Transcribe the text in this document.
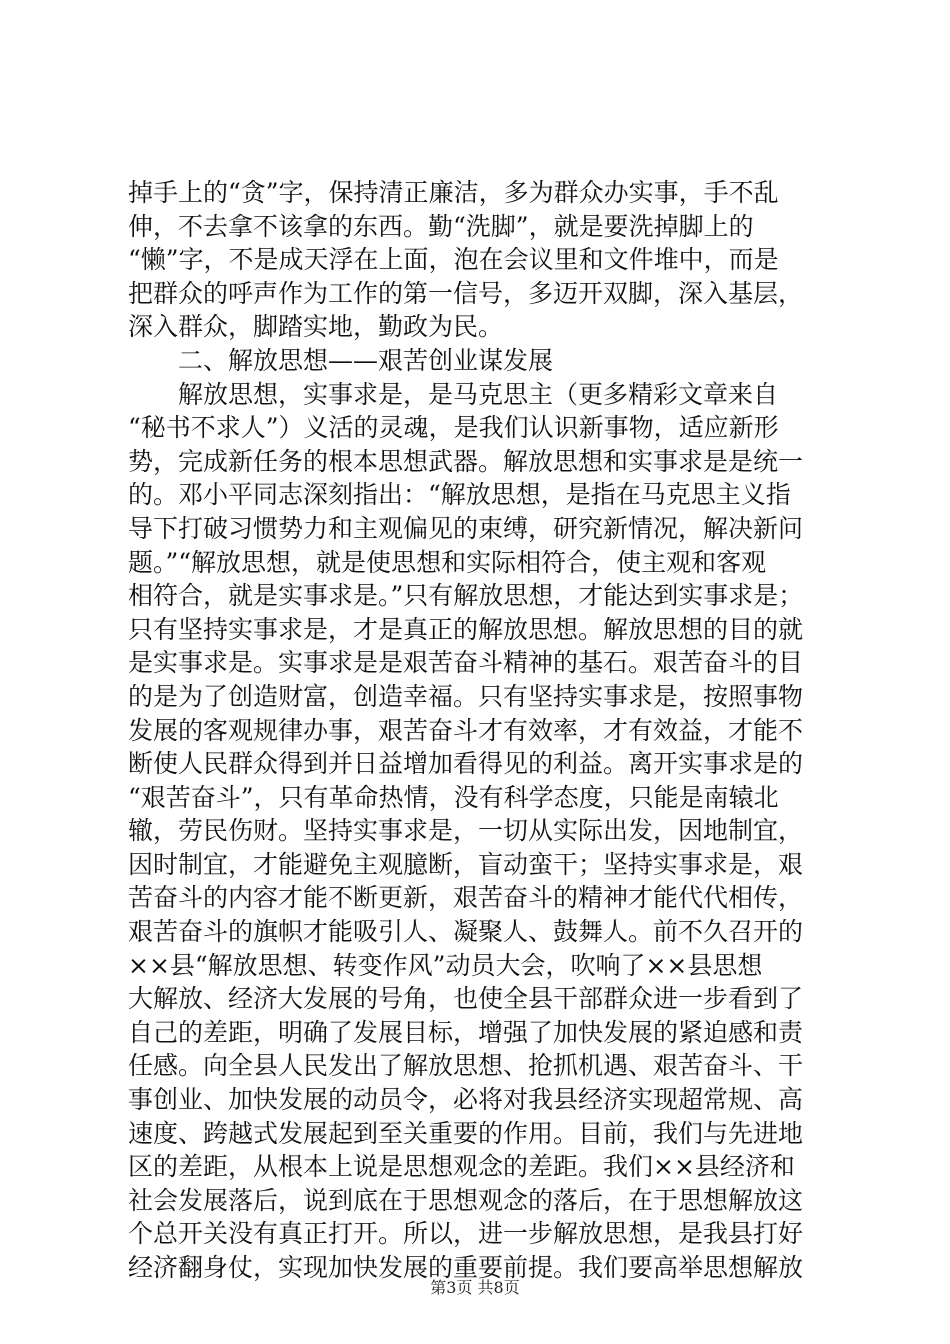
掉手上的“贪”字，保持清正廉洁，多为群众办实事，手不乱
伸，不去拿不该拿的东西。勤“洗脚”，就是要洗掉脚上的
“懒”字，不是成天浮在上面，泡在会议里和文件堆中，而是
把群众的呼声作为工作的第一信号，多迈开双脚，深入基层，
深入群众，脚踏实地，勤政为民。
　　二、解放思想——艰苦创业谋发展
　　解放思想，实事求是，是马克思主（更多精彩文章来自
“秘书不求人”）义活的灵魂，是我们认识新事物，适应新形
势，完成新任务的根本思想武器。解放思想和实事求是是统一
的。邓小平同志深刻指出：“解放思想，是指在马克思主义指
导下打破习惯势力和主观偏见的束缚，研究新情况，解决新问
题。”“解放思想，就是使思想和实际相符合，使主观和客观
相符合，就是实事求是。”只有解放思想，才能达到实事求是；
只有坚持实事求是，才是真正的解放思想。解放思想的目的就
是实事求是。实事求是是艰苦奋斗精神的基石。艰苦奋斗的目
的是为了创造财富，创造幸福。只有坚持实事求是，按照事物
发展的客观规律办事，艰苦奋斗才有效率，才有效益，才能不
断使人民群众得到并日益增加看得见的利益。离开实事求是的
“艰苦奋斗”，只有革命热情，没有科学态度，只能是南辕北
辙，劳民伤财。坚持实事求是，一切从实际出发，因地制宜，
因时制宜，才能避免主观臆断，盲动蛮干；坚持实事求是，艰
苦奋斗的内容才能不断更新，艰苦奋斗的精神才能代代相传，
艰苦奋斗的旗帜才能吸引人、凝聚人、鼓舞人。前不久召开的
××县“解放思想、转变作风”动员大会，吹响了××县思想
大解放、经济大发展的号角，也使全县干部群众进一步看到了
自己的差距，明确了发展目标，增强了加快发展的紧迫感和责
任感。向全县人民发出了解放思想、抢抓机遇、艰苦奋斗、干
事创业、加快发展的动员令，必将对我县经济实现超常规、高
速度、跨越式发展起到至关重要的作用。目前，我们与先进地
区的差距，从根本上说是思想观念的差距。我们××县经济和
社会发展落后，说到底在于思想观念的落后，在于思想解放这
个总开关没有真正打开。所以，进一步解放思想，是我县打好
经济翻身仗，实现加快发展的重要前提。我们要高举思想解放
第3页 共8页
